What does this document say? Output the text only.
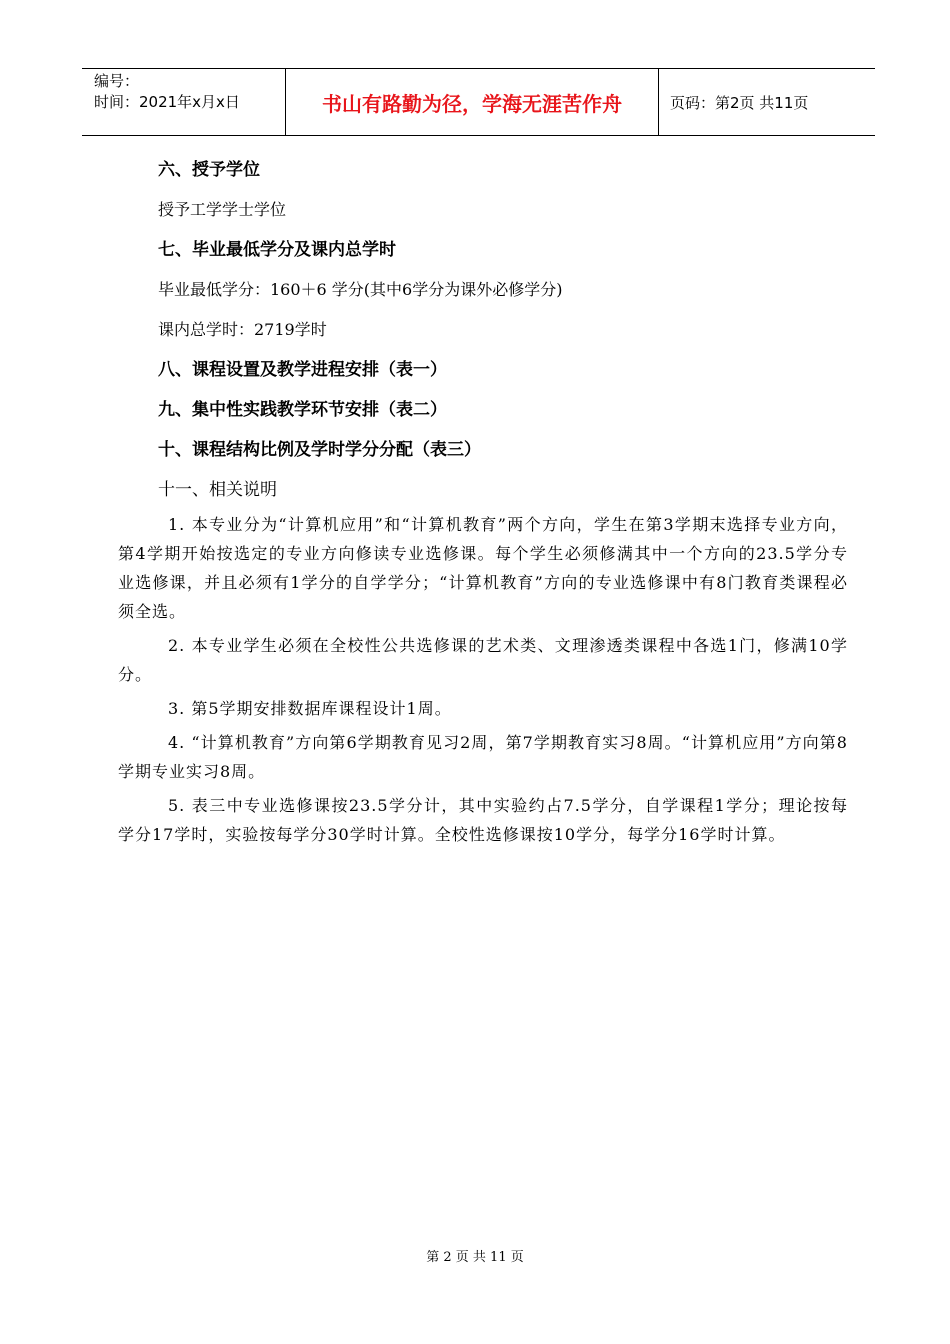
编号：
时间：2021年x月x日	书山有路勤为径，学海无涯苦作舟	页码：第2页 共11页
六、授予学位
授予工学学士学位
七、毕业最低学分及课内总学时
毕业最低学分：160＋6 学分(其中6学分为课外必修学分)
课内总学时：2719学时
八、课程设置及教学进程安排（表一）
九、集中性实践教学环节安排（表二）
十、课程结构比例及学时学分分配（表三）
十一、相关说明
1. 本专业分为“计算机应用”和“计算机教育”两个方向，学生在第3学期末选择专业方向，第4学期开始按选定的专业方向修读专业选修课。每个学生必须修满其中一个方向的23.5学分专业选修课，并且必须有1学分的自学学分；“计算机教育”方向的专业选修课中有8门教育类课程必须全选。
2. 本专业学生必须在全校性公共选修课的艺术类、文理渗透类课程中各选1门，修满10学分。
3. 第5学期安排数据库课程设计1周。
4. “计算机教育”方向第6学期教育见习2周，第7学期教育实习8周。“计算机应用”方向第8学期专业实习8周。
5. 表三中专业选修课按23.5学分计，其中实验约占7.5学分，自学课程1学分；理论按每学分17学时，实验按每学分30学时计算。全校性选修课按10学分，每学分16学时计算。
第 2 页 共 11 页
